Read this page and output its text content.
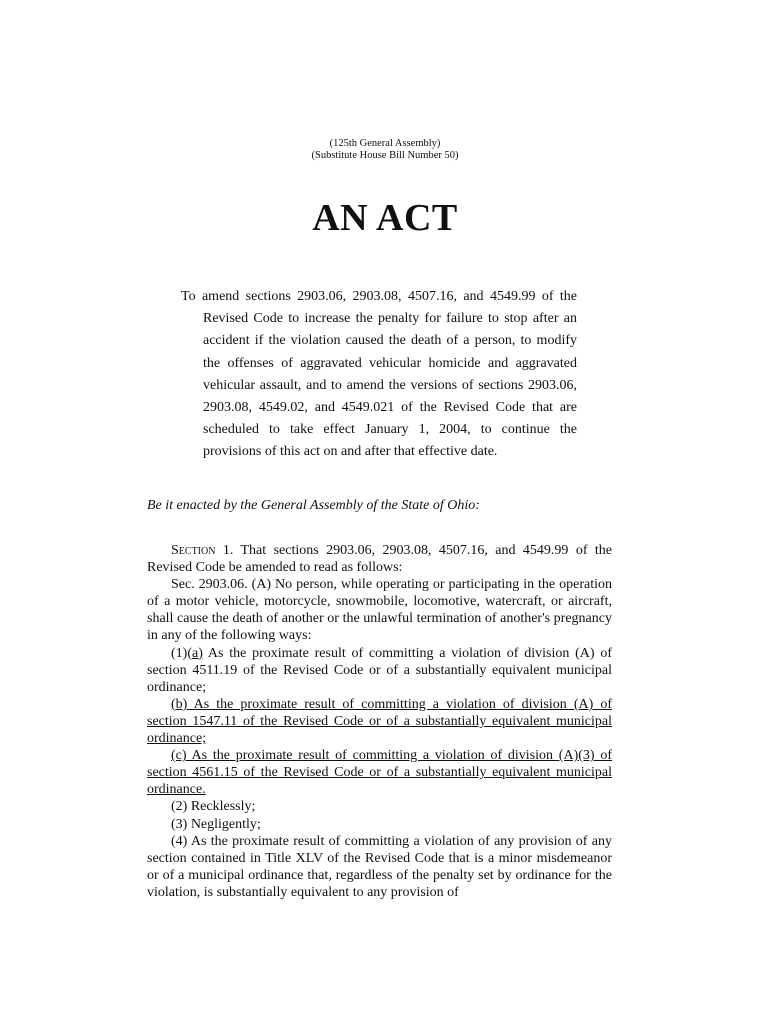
(125th General Assembly)
(Substitute House Bill Number 50)
AN ACT
To amend sections 2903.06, 2903.08, 4507.16, and 4549.99 of the Revised Code to increase the penalty for failure to stop after an accident if the violation caused the death of a person, to modify the offenses of aggravated vehicular homicide and aggravated vehicular assault, and to amend the versions of sections 2903.06, 2903.08, 4549.02, and 4549.021 of the Revised Code that are scheduled to take effect January 1, 2004, to continue the provisions of this act on and after that effective date.
Be it enacted by the General Assembly of the State of Ohio:

Section 1. That sections 2903.06, 2903.08, 4507.16, and 4549.99 of the Revised Code be amended to read as follows:

Sec. 2903.06. (A) No person, while operating or participating in the operation of a motor vehicle, motorcycle, snowmobile, locomotive, watercraft, or aircraft, shall cause the death of another or the unlawful termination of another's pregnancy in any of the following ways:

(1)(a) As the proximate result of committing a violation of division (A) of section 4511.19 of the Revised Code or of a substantially equivalent municipal ordinance;

(b) As the proximate result of committing a violation of division (A) of section 1547.11 of the Revised Code or of a substantially equivalent municipal ordinance;

(c) As the proximate result of committing a violation of division (A)(3) of section 4561.15 of the Revised Code or of a substantially equivalent municipal ordinance.

(2) Recklessly;

(3) Negligently;

(4) As the proximate result of committing a violation of any provision of any section contained in Title XLV of the Revised Code that is a minor misdemeanor or of a municipal ordinance that, regardless of the penalty set by ordinance for the violation, is substantially equivalent to any provision of
